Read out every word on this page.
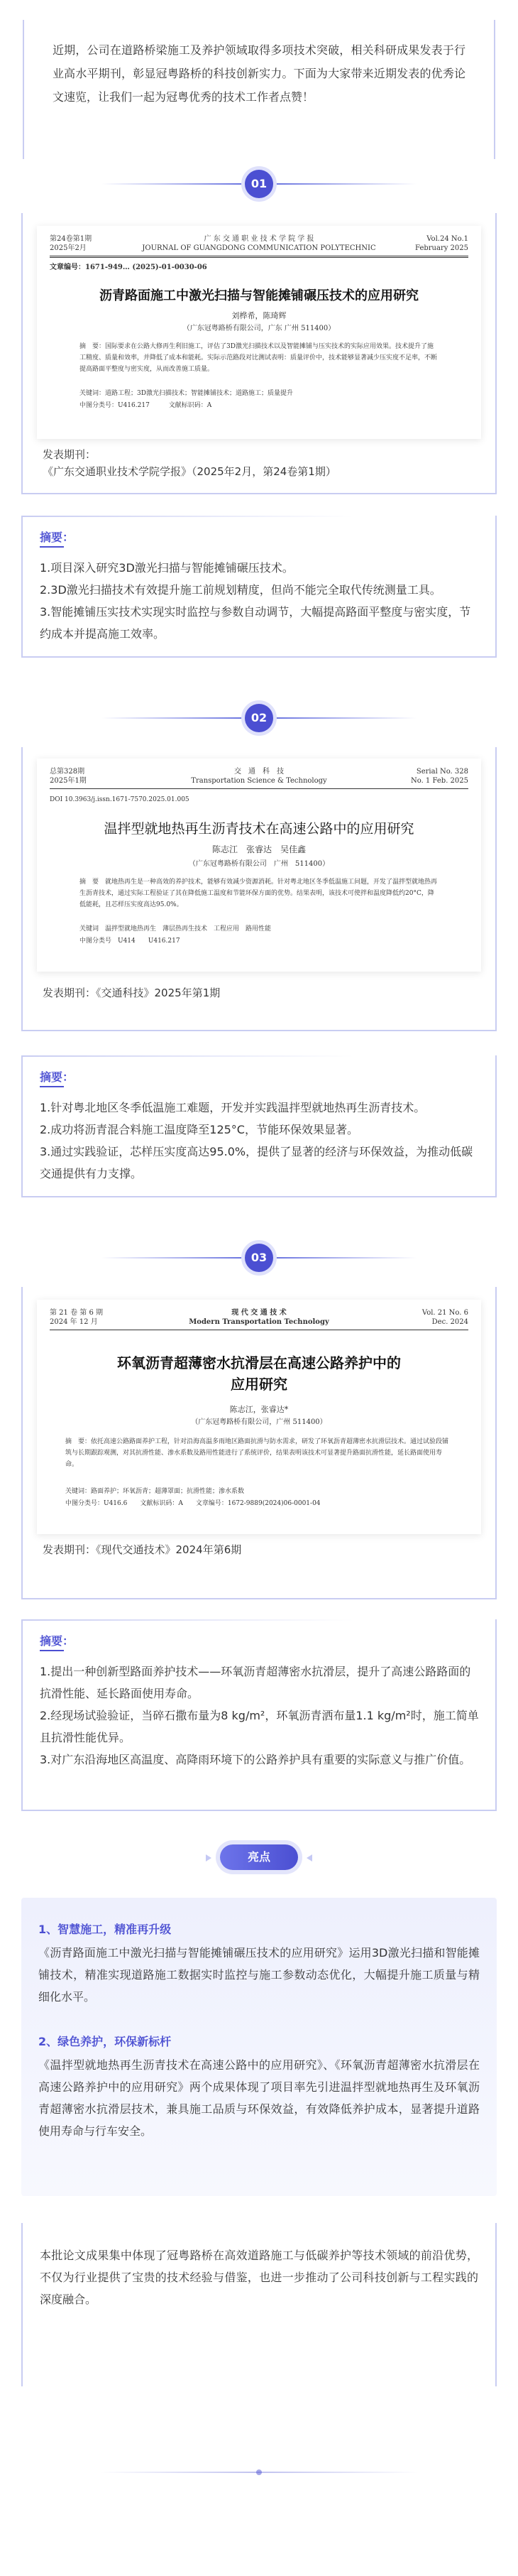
近期，公司在道路桥梁施工及养护领域取得多项技术突破，相关科研成果发表于行业高水平期刊，彰显冠粤路桥的科技创新实力。下面为大家带来近期发表的优秀论文速览，让我们一起为冠粤优秀的技术工作者点赞！

01
第24卷第1期
2025年2月
广 东 交 通 职 业 技 术 学 院 学 报
JOURNAL OF GUANGDONG COMMUNICATION POLYTECHNIC
Vol.24 No.1
February 2025
文章编号：1671-949… (2025)-01-0030-06
沥青路面施工中激光扫描与智能摊铺碾压技术的应用研究
刘桦希，陈琦辉
（广东冠粤路桥有限公司，广东 广州 511400）
摘　要：国际要求在公路大修再生利旧施工，评估了3D激光扫描技术以及智能摊铺与压实技术的实际应用效果。技术提升了施工精度、质量和效率，并降低了成本和能耗。实际示范路段对比测试表明：质量评价中，技术能够显著减少压实度不足率，不断提高路面平整度与密实度，从而改善施工质量。
关键词：道路工程；3D激光扫描技术；智能摊铺技术；道路施工；质量提升
中图分类号：U416.217　　　文献标识码：A
发表期刊：
《广东交通职业技术学院学报》（2025年2月，第24卷第1期）
摘要：

1.项目深入研究3D激光扫描与智能摊铺碾压技术。

2.3D激光扫描技术有效提升施工前规划精度，但尚不能完全取代传统测量工具。

3.智能摊铺压实技术实现实时监控与参数自动调节，大幅提高路面平整度与密实度，节约成本并提高施工效率。

02
总第328期
2025年1期
交　通　科　技
Transportation Science & Technology
Serial No. 328
No. 1 Feb. 2025
DOI 10.3963/j.issn.1671-7570.2025.01.005
温拌型就地热再生沥青技术在高速公路中的应用研究
陈志江　张睿达　吴佳鑫
（广东冠粤路桥有限公司　广州　511400）
摘　要　就地热再生是一种高效的养护技术，能够有效减少资源消耗。针对粤北地区冬季低温施工问题，开发了温拌型就地热再生沥青技术，通过实际工程验证了其在降低施工温度和节能环保方面的优势。结果表明，该技术可使拌和温度降低约20°C，降低能耗，且芯样压实度高达95.0%。
关键词　温拌型就地热再生　薄层热再生技术　工程应用　路用性能
中图分类号　U414　　U416.217
发表期刊：《交通科技》2025年第1期
摘要：

1.针对粤北地区冬季低温施工难题，开发并实践温拌型就地热再生沥青技术。

2.成功将沥青混合料施工温度降至125°C，节能环保效果显著。

3.通过实践验证，芯样压实度高达95.0%，提供了显著的经济与环保效益，为推动低碳交通提供有力支撑。

03
第 21 卷 第 6 期
2024 年 12 月
现 代 交 通 技 术
Modern Transportation Technology
Vol. 21 No. 6
Dec. 2024
环氧沥青超薄密水抗滑层在高速公路养护中的应用研究
陈志江，张睿达*
（广东冠粤路桥有限公司，广州 511400）
摘　要：依托高速公路路面养护工程，针对沿海高温多雨地区路面抗滑与防水需求，研发了环氧沥青超薄密水抗滑层技术。通过试验段铺筑与长期跟踪观测，对其抗滑性能、渗水系数及路用性能进行了系统评价，结果表明该技术可显著提升路面抗滑性能，延长路面使用寿命。
关键词：路面养护；环氧沥青；超薄罩面；抗滑性能；渗水系数
中图分类号：U416.6　　文献标识码：A　　文章编号：1672-9889(2024)06-0001-04
发表期刊：《现代交通技术》2024年第6期
摘要：

1.提出一种创新型路面养护技术——环氧沥青超薄密水抗滑层，提升了高速公路路面的抗滑性能、延长路面使用寿命。

2.经现场试验验证，当碎石撒布量为8 kg/m²，环氧沥青洒布量1.1 kg/m²时，施工简单且抗滑性能优异。

3.对广东沿海地区高温度、高降雨环境下的公路养护具有重要的实际意义与推广价值。

亮点
1、智慧施工，精准再升级
《沥青路面施工中激光扫描与智能摊铺碾压技术的应用研究》运用3D激光扫描和智能摊铺技术，精准实现道路施工数据实时监控与施工参数动态优化，大幅提升施工质量与精细化水平。
2、绿色养护，环保新标杆
《温拌型就地热再生沥青技术在高速公路中的应用研究》、《环氧沥青超薄密水抗滑层在高速公路养护中的应用研究》两个成果体现了项目率先引进温拌型就地热再生及环氧沥青超薄密水抗滑层技术，兼具施工品质与环保效益，有效降低养护成本，显著提升道路使用寿命与行车安全。
本批论文成果集中体现了冠粤路桥在高效道路施工与低碳养护等技术领域的前沿优势，不仅为行业提供了宝贵的技术经验与借鉴，也进一步推动了公司科技创新与工程实践的深度融合。
